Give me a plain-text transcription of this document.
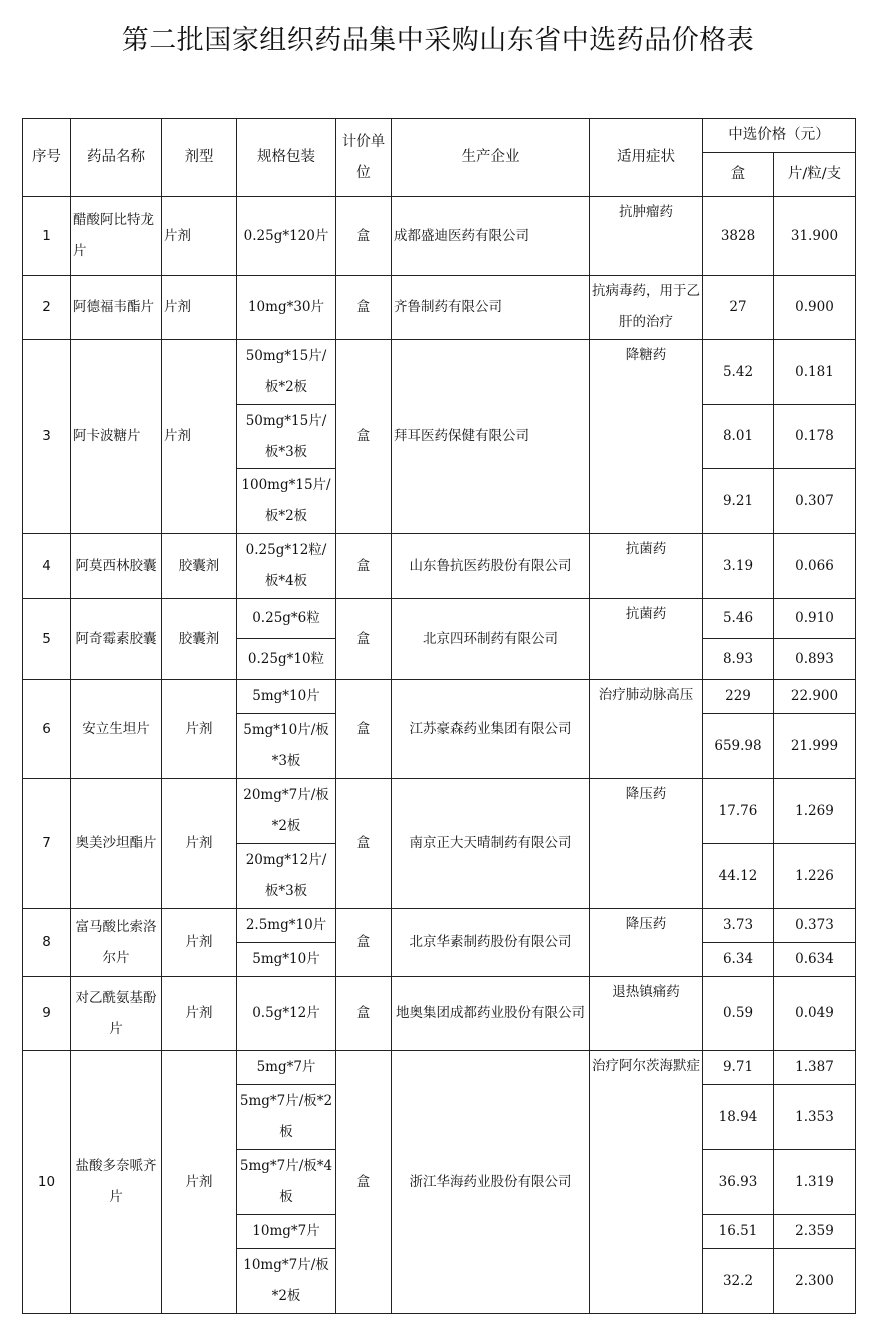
第二批国家组织药品集中采购山东省中选药品价格表
序号	药品名称	剂型	规格包装	计价单位	生产企业	适用症状	中选价格（元）	
							盒	片/粒/支
1	醋酸阿比特龙片	片剂	0.25g*120片	盒	成都盛迪医药有限公司	抗肿瘤药	3828	31.900
2	阿德福韦酯片	片剂	10mg*30片	盒	齐鲁制药有限公司	抗病毒药，用于乙肝的治疗	27	0.900
3	阿卡波糖片	片剂	50mg*15片/板*2板	盒	拜耳医药保健有限公司	降糖药	5.42	0.181
			50mg*15片/板*3板				8.01	0.178
			100mg*15片/板*2板				9.21	0.307
4	阿莫西林胶囊	胶囊剂	0.25g*12粒/板*4板	盒	山东鲁抗医药股份有限公司	抗菌药	3.19	0.066
5	阿奇霉素胶囊	胶囊剂	0.25g*6粒	盒	北京四环制药有限公司	抗菌药	5.46	0.910
			0.25g*10粒				8.93	0.893
6	安立生坦片	片剂	5mg*10片	盒	江苏豪森药业集团有限公司	治疗肺动脉高压	229	22.900
			5mg*10片/板*3板				659.98	21.999
7	奥美沙坦酯片	片剂	20mg*7片/板*2板	盒	南京正大天晴制药有限公司	降压药	17.76	1.269
			20mg*12片/板*3板				44.12	1.226
8	富马酸比索洛尔片	片剂	2.5mg*10片	盒	北京华素制药股份有限公司	降压药	3.73	0.373
			5mg*10片				6.34	0.634
9	对乙酰氨基酚片	片剂	0.5g*12片	盒	地奥集团成都药业股份有限公司	退热镇痛药	0.59	0.049
10	盐酸多奈哌齐片	片剂	5mg*7片	盒	浙江华海药业股份有限公司	治疗阿尔茨海默症	9.71	1.387
			5mg*7片/板*2板				18.94	1.353
			5mg*7片/板*4板				36.93	1.319
			10mg*7片				16.51	2.359
			10mg*7片/板*2板				32.2	2.300
